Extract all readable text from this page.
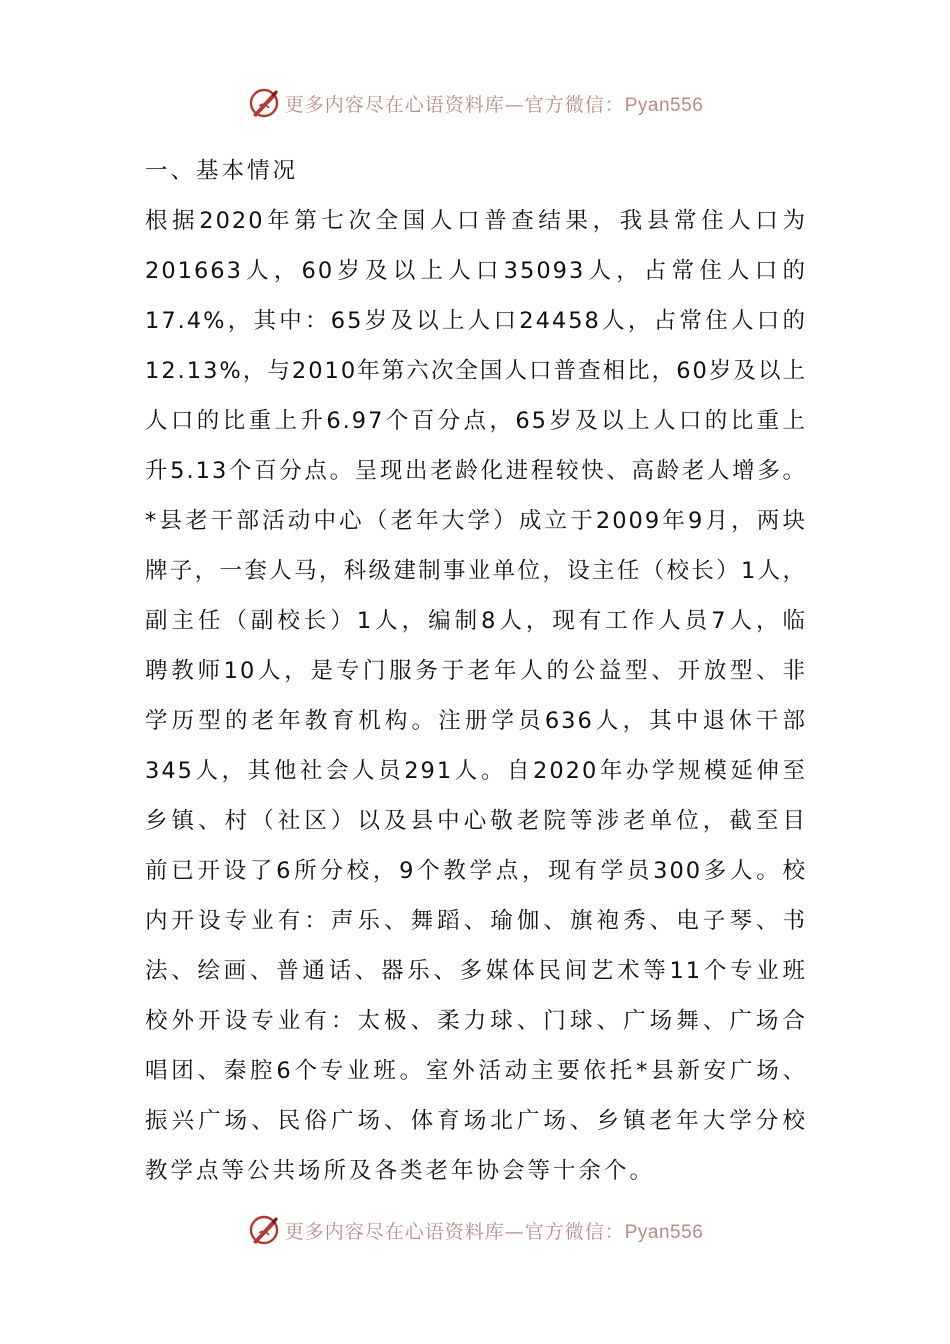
更多内容尽在心语资料库—官方微信：Pyan556
一、基本情况
根据2020年第七次全国人口普查结果，我县常住人口为
201663人，60岁及以上人口35093人，占常住人口的
17.4%，其中：65岁及以上人口24458人，占常住人口的
12.13%，与2010年第六次全国人口普查相比，60岁及以上
人口的比重上升6.97个百分点，65岁及以上人口的比重上
升5.13个百分点。呈现出老龄化进程较快、高龄老人增多。
*县老干部活动中心（老年大学）成立于2009年9月，两块
牌子，一套人马，科级建制事业单位，设主任（校长）1人，
副主任（副校长）1人，编制8人，现有工作人员7人，临
聘教师10人，是专门服务于老年人的公益型、开放型、非
学历型的老年教育机构。注册学员636人，其中退休干部
345人，其他社会人员291人。自2020年办学规模延伸至
乡镇、村（社区）以及县中心敬老院等涉老单位，截至目
前已开设了6所分校，9个教学点，现有学员300多人。校
内开设专业有：声乐、舞蹈、瑜伽、旗袍秀、电子琴、书
法、绘画、普通话、器乐、多媒体民间艺术等11个专业班
校外开设专业有：太极、柔力球、门球、广场舞、广场合
唱团、秦腔6个专业班。室外活动主要依托*县新安广场、
振兴广场、民俗广场、体育场北广场、乡镇老年大学分校
教学点等公共场所及各类老年协会等十余个。
更多内容尽在心语资料库—官方微信：Pyan556
